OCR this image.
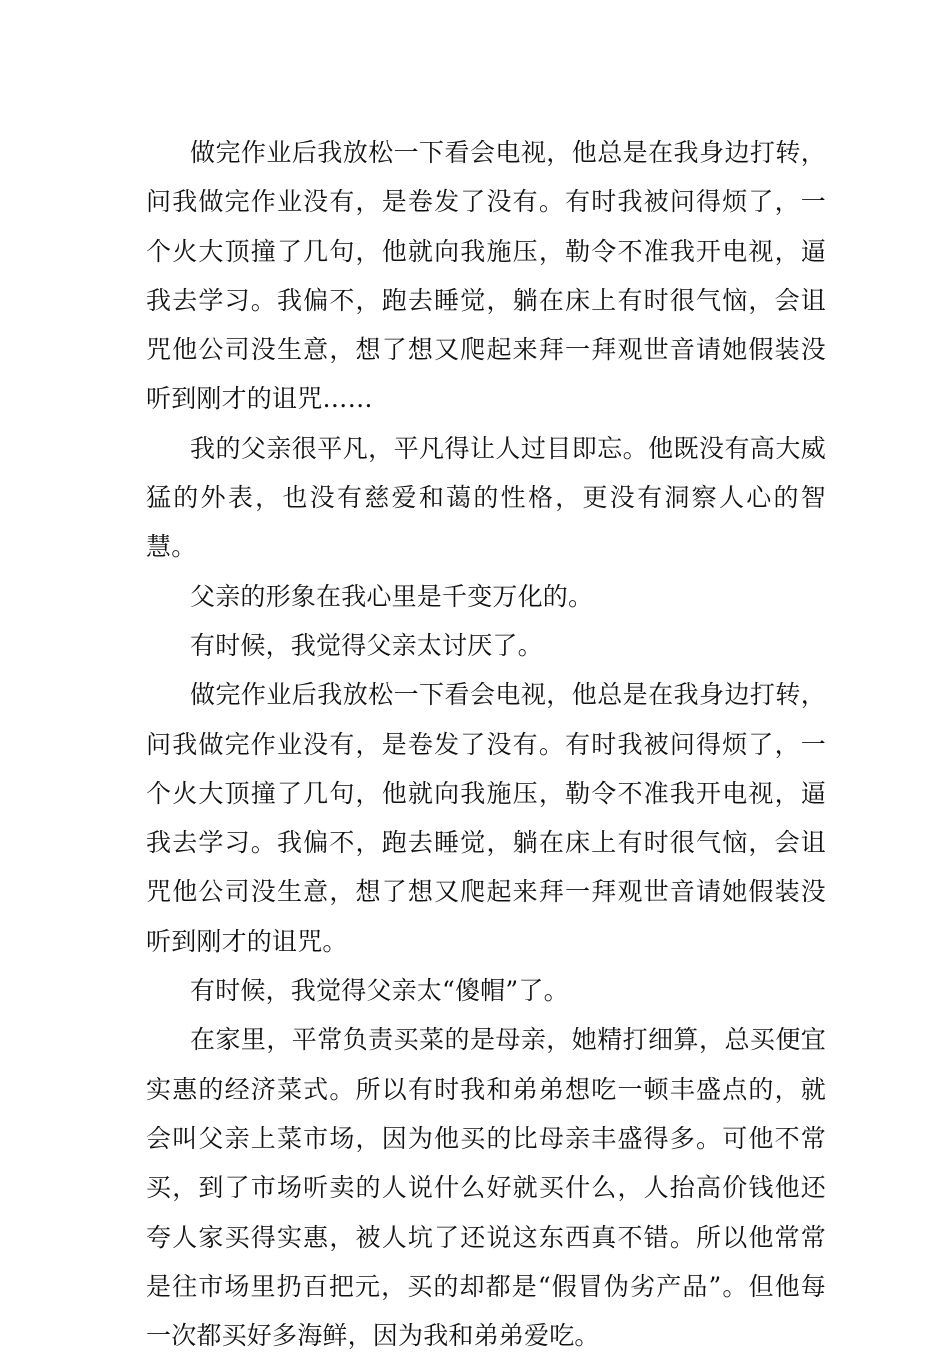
做完作业后我放松一下看会电视，他总是在我身边打转，问我做完作业没有，是卷发了没有。有时我被问得烦了，一个火大顶撞了几句，他就向我施压，勒令不准我开电视，逼我去学习。我偏不，跑去睡觉，躺在床上有时很气恼，会诅咒他公司没生意，想了想又爬起来拜一拜观世音请她假装没听到刚才的诅咒……

我的父亲很平凡，平凡得让人过目即忘。他既没有高大威猛的外表，也没有慈爱和蔼的性格，更没有洞察人心的智慧。

父亲的形象在我心里是千变万化的。

有时候，我觉得父亲太讨厌了。

做完作业后我放松一下看会电视，他总是在我身边打转，问我做完作业没有，是卷发了没有。有时我被问得烦了，一个火大顶撞了几句，他就向我施压，勒令不准我开电视，逼我去学习。我偏不，跑去睡觉，躺在床上有时很气恼，会诅咒他公司没生意，想了想又爬起来拜一拜观世音请她假装没听到刚才的诅咒。

有时候，我觉得父亲太“傻帽”了。

在家里，平常负责买菜的是母亲，她精打细算，总买便宜实惠的经济菜式。所以有时我和弟弟想吃一顿丰盛点的，就会叫父亲上菜市场，因为他买的比母亲丰盛得多。可他不常买，到了市场听卖的人说什么好就买什么，人抬高价钱他还夸人家买得实惠，被人坑了还说这东西真不错。所以他常常是往市场里扔百把元，买的却都是“假冒伪劣产品”。但他每一次都买好多海鲜，因为我和弟弟爱吃。
